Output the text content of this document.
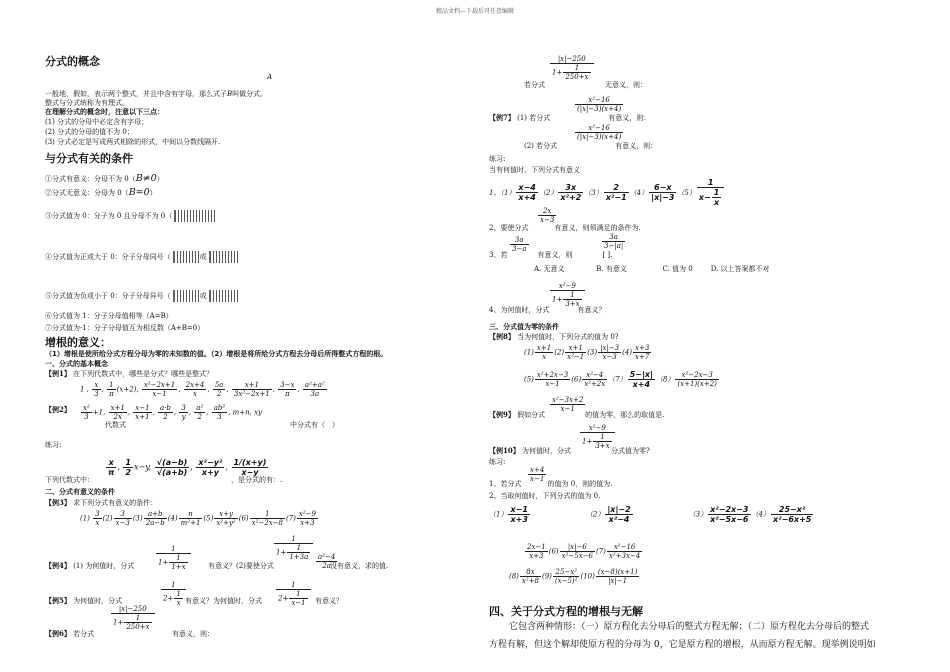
精品文档---下载后可任意编辑
分式的概念
A
一般地，假如，表示两个整式，并且中含有字母，那么式子B叫做分式。
整式与分式统称为有理式。
在理解分式的概念时，注意以下三点：
(1) 分式的分母中必定含有字母；
(2) 分式的分母的值不为 0；
(3) 分式必定是写成两式相除的形式，中间以分数线隔开.
与分式有关的条件
①分式有意义：分母不为 0（B≠0）
②分式无意义：分母为 0（B=0）
③分式值为 0：分子为 0 且分母不为 0（
④分式值为正或大于 0：分子分母同号（	或
⑤分式值为负或小于 0：分子分母异号（	或
⑥分式值为 1：分子分母值相等（A=B）
⑦分式值为-1：分子分母值互为相反数（A+B=0）
增根的意义：
（1）增根是使所给分式方程分母为零的未知数的值。（2）增根是将所给分式方程去分母后所得整式方程的根。
一、分式的基本概念
【例1】 在下列代数式中，哪些是分式？哪些是整式？
1 , $\frac{x}{3}$ , $\frac{1}{\pi} (x+2)$, $\frac{\text{x²−2x+1}}{x-1}$ , $\frac{2x+4}{x}$ , $\frac{5a}{2}$ , $\frac{x+1}{\text{3x²−2x+1}}$ , $\frac{3-x}{\pi}$ , $\frac{\text{a²+a²}}{3a}$
【例2】 $\frac{\text{x²}}{3} +1$, $\frac{x+1}{2x}$ , $\frac{x-1}{x+1}$ , $\frac{a\cdot b}{2}$ , $\frac{3}{y}$ , $\frac{\text{a²}}{2}$ , $\frac{\text{ab²}}{3}$ , m+n, xy
代数式	中分式有（　）
练习:
下列代数式中：
$\frac{x}{\pi}$ , $\frac{1}{2} x-y$, $\frac{√(a-b)}{√(a+b)}$ , $\frac{\text{x²−y²}}{x+y}$ , $\frac{1/(x+y)}{x-y}$
，是分式的有：.
二、分式有意义的条件
【例3】 求下列分式有意义的条件：
$(1) \frac{3}{x} (2) \frac{3}{x-3} (3) \frac{a+b}{2a-b} (4) \frac{n}{\text{m²+1}} (5) \frac{x+y}{\text{x²+y²}} (6) \frac{1}{\text{x²−2x−8}} (7) \frac{\text{x²−9}}{x+3}$
【例4】 (1) 为何值时，分式	$\frac{1}{1+ \frac{1}{1+x}}$ 有意义？(2)要使分式
$\frac{1}{1+ \frac{1}{1+3a}}$
$\frac{\text{a²−4}}{2a}$
没有意义，求的值.
【例5】 为何值时，分式	$\frac{1}{2+ \frac{1}{x}}$ 有意义？为何值时，分式 $\frac{1}{2+ \frac{1}{x-1}}$ 有意义？
【例6】 若分式
$\frac{|x|-250}{1+ \frac{1}{250+x}}$
有意义，则：
$\frac{|x|-250}{1+ \frac{1}{250+x}}$
若分式	无意义，则：
$\frac{\text{x²−16}}{(|x|-3)(x+4)}$
【例7】 (1) 若分式	有意义，则：
$\frac{\text{x²−16}}{(|x|-3)(x+4)}$
(2) 若分式	有意义，则：
练习:
当有何值时，下列分式有意义
1、$(1) \frac{x-4}{x+4} (2) \frac{3x}{\text{x²+2}} (3) \frac{2}{\text{x²−1}} (4) \frac{6-x}{|x|-3} (5) \frac{1}{x- \frac{1}{x}}$
$\frac{2x}{x-3}$
2、要使分式	有意义，则须满足的条件为.
$\frac{3a}{3-a}$	$\frac{3a}{3-|a|}$
3、若	有意义，则	[ ].
A. 无意义	B. 有意义	C. 值为 0	D. 以上答案都不对
$\frac{\text{x²−9}}{1+ \frac{1}{3+x}}$
4、为何值时，分式	有意义？
三、分式值为零的条件
【例8】 当为何值时，下列分式的值为 0?
$(1) \frac{x+1}{x} (2) \frac{x+1}{\text{x²−1}} (3) \frac{|x|-3}{x-3} (4) \frac{x+3}{x+7}$
$(5) \frac{\text{x²+2x−3}}{x-1} (6) \frac{\text{x²−4}}{\text{x²+2x}} (7) \frac{5-|x|}{x+4} (8) \frac{\text{x²−2x−3}}{(x+1)(x+2)}$
$\frac{\text{x²−3x+2}}{x-1}$
【例9】 假如分式	的值为零，那么的取值是.
$\frac{\text{x²−9}}{1+ \frac{1}{3+x}}$
【例10】 为何值时，分式	分式值为零?
练习:
$\frac{x+4}{x-1}$
1、若分式	的值为 0，则的值为.
2、当取何值时，下列分式的值为 0.
$(1) \frac{x-1}{x+3}$	$(2) \frac{|x|-2}{\text{x²−4}}$	$(3) \frac{\text{x²−2x−3}}{\text{x²−5x−6}} (4) \frac{\text{25−x²}}{\text{x²−6x+5}}$
$\frac{2x-1}{x+3} (6) \frac{|x|-6}{\text{x²−5x−6}} (7) \frac{\text{x²−16}}{\text{x²+3x−4}}$
$(8) \frac{8x}{\text{x²+8}} (9) \frac{\text{25−x²}}{\text{(x−5)²}} (10) \frac{(x-8)(x+1)}{|x|-1}$
四、关于分式方程的增根与无解
它包含两种情形：（一）原方程化去分母后的整式方程无解；（二）原方程化去分母后的整式
方程有解，但这个解却使原方程的分母为 0，它是原方程的增根，从而原方程无解。现举例说明如
